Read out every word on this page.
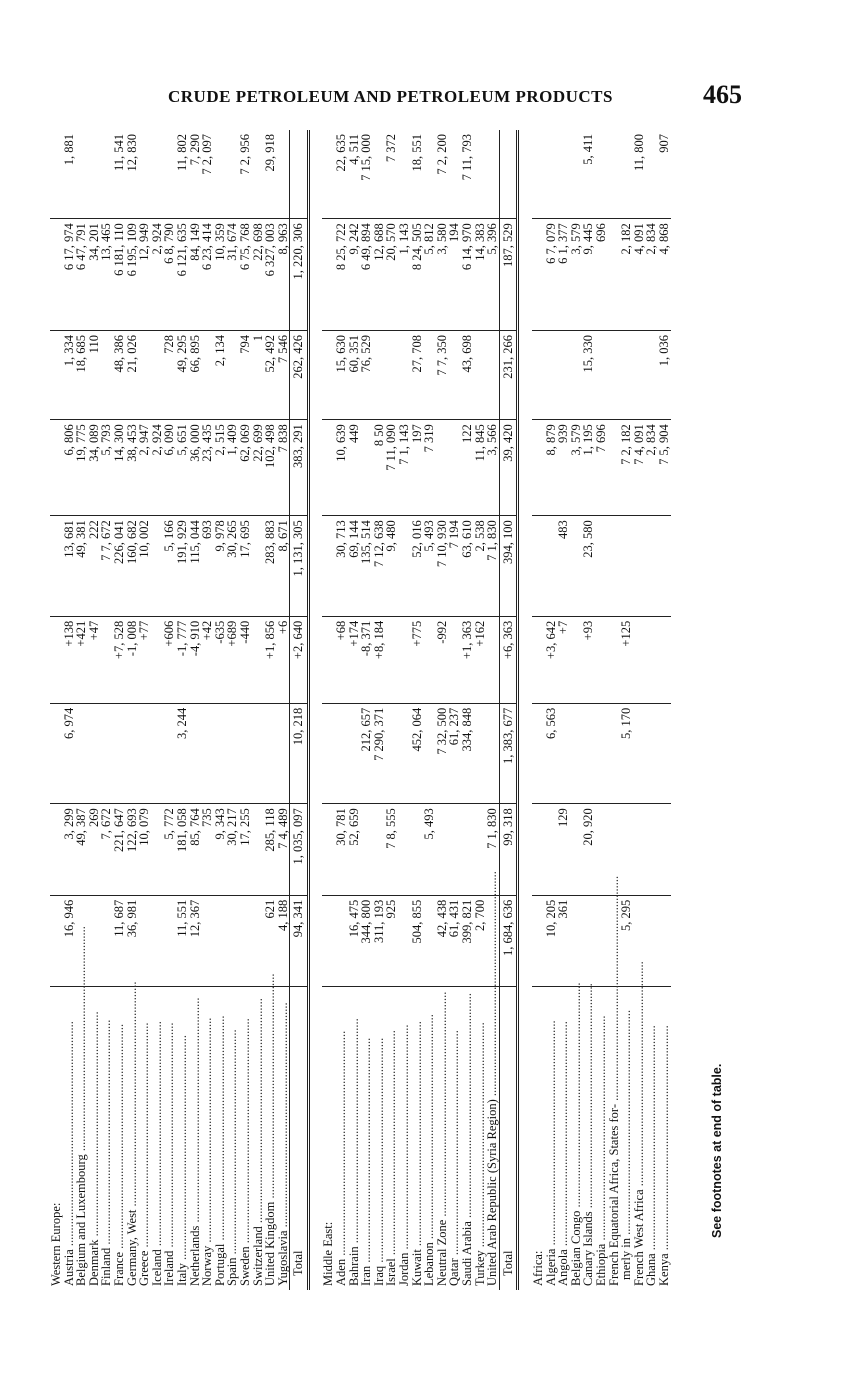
CRUDE PETROLEUM AND PETROLEUM PRODUCTS	465
Western Europe:									
Austria .....	16, 946	3, 299	6, 974	+138	13, 681	6, 806	1, 334	6 17, 974	1, 881
Belgium and Luxembourg .....		49, 387		+421	49, 381	19, 775	18, 685	6 47, 791	
Denmark .....		269		+47	222	34, 089	110	34, 201	
Finland .....		7, 672			7 7, 672	5, 793		13, 465	
France .....	11, 687	221, 647		+7, 528	226, 041	14, 300	48, 386	6 181, 110	11, 541
Germany, West .....	36, 981	122, 693		-1, 008	160, 682	38, 453	21, 026	6 195, 109	12, 830
Greece .....		10, 079		+77	10, 002	2, 947		12, 949	
Iceland .....						2, 924		2, 924	
Ireland .....		5, 772		+606	5, 166	6, 090	728	6 8, 790	
Italy .....	11, 551	181, 058	3, 244	-1, 777	191, 929	5, 651	49, 295	6 121, 635	11, 802
Netherlands .....	12, 367	85, 764		-4, 910	115, 044	36, 000	66, 895	84, 149	7, 290
Norway .....		735		+42	693	23, 435		6 23, 414	7 2, 097
Portugal .....		9, 343		-635	9, 978	2, 515	2, 134	10, 359	
Spain .....		30, 217		+689	30, 265	1, 409		31, 674	
Sweden .....		17, 255		-440	17, 695	62, 069	794	6 75, 768	7 2, 956
Switzerland .....						22, 699	1	22, 698	
United Kingdom .....	621	285, 118		+1, 856	283, 883	102, 498	52, 492	6 327, 003	29, 918
Yugoslavia .....	4, 188	7 4, 489		+6	8, 671	7 838	7 546	8, 963	
Total	94, 341	1, 035, 097	10, 218	+2, 640	1, 131, 305	383, 291	262, 426	1, 220, 306	

Middle East:									
Aden .....		30, 781		+68	30, 713	10, 639	15, 630	8 25, 722	22, 635
Bahrain .....	16, 475	52, 659		+174	69, 144	449	60, 351	9, 242	4, 511
Iran .....	344, 800		212, 657	-8, 371	135, 514		76, 529	6 49, 894	7 15, 000
Iraq .....	311, 193		7 290, 371	+8, 184	7 12, 638	8 50		12, 688	
Israel .....	925	7 8, 555			9, 480	7 11, 090		20, 570	7 372
Jordan .....						7 1, 143		1, 143	
Kuwait .....	504, 855		452, 064	+775	52, 016	197	27, 708	8 24, 505	18, 551
Lebanon .....		5, 493			5, 493	7 319		5, 812	
Neutral Zone .....	42, 438		7 32, 500	-992	7 10, 930		7 7, 350	3, 580	7 2, 200
Qatar .....	61, 431		61, 237		7 194			194	
Saudi Arabia .....	399, 821		334, 848	+1, 363	63, 610	122	43, 698	6 14, 970	7 11, 793
Turkey .....	2, 700			+162	2, 538	11, 845		14, 383	
United Arab Republic (Syria Region) .....		7 1, 830			7 1, 830	3, 566		5, 396	
Total	1, 684, 636	99, 318	1, 383, 677	+6, 363	394, 100	39, 420	231, 266	187, 529	

Africa:									
Algeria .....	10, 205		6, 563	+3, 642		8, 879		6 7, 079	
Angola .....	361	129		+7	483	939		6 1, 377	
Belgian Congo .....						3, 579		3, 579	
Canary Islands .....		20, 920		+93	23, 580	1, 195	15, 330	9, 445	5, 411
Ethiopia .....						7 696		696	
French Equatorial Africa, States for- .....									
merly in .....	5, 295		5, 170	+125		7 2, 182		2, 182	
French West Africa .....						7 4, 091		4, 091	11, 800
Ghana .....						2, 834		2, 834	
Kenya .....						7 5, 904	1, 036	4, 868	907
See footnotes at end of table.
